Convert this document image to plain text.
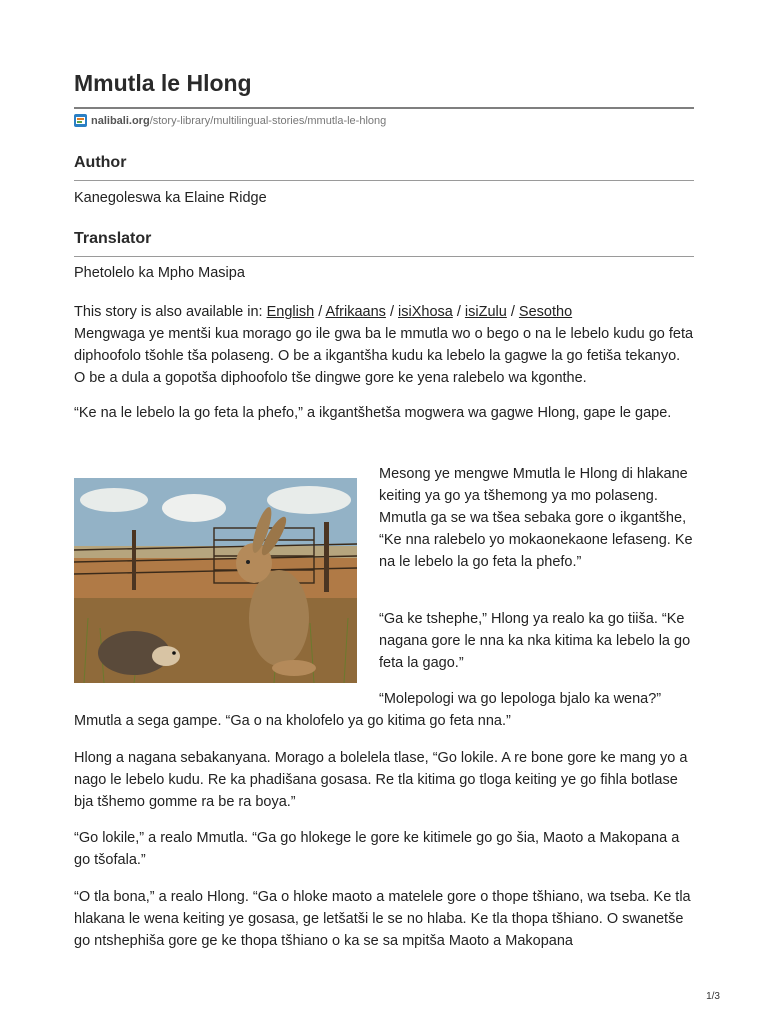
Mmutla le Hlong
nalibali.org /story-library/multilingual-stories/mmutla-le-hlong
Author
Kanegoleswa ka Elaine Ridge
Translator
Phetolelo ka Mpho Masipa
This story is also available in: English / Afrikaans / isiXhosa / isiZulu / Sesotho

Mengwaga ye mentši kua morago go ile gwa ba le mmutla wo o bego o na le lebelo kudu go feta diphoofolo tšohle tša polaseng. O be a ikgantšha kudu ka lebelo la gagwe la go fetiša tekanyo. O be a dula a gopotša diphoofolo tše dingwe gore ke yena ralebelo wa kgonthe.

“Ke na le lebelo la go feta la phefo,” a ikgantšhetša mogwera wa gagwe Hlong, gape le gape.

Mesong ye mengwe Mmutla le Hlong di hlakane keiting ya go ya tšhemong ya mo polaseng. Mmutla ga se wa tšea sebaka gore o ikgantšhe, “Ke nna ralebelo yo mokaonekaone lefaseng. Ke na le lebelo la go feta la phefo.”

“Ga ke tshephe,” Hlong ya realo ka go tiiša. “Ke nagana gore le nna ka nka kitima ka lebelo la go feta la gago.”

“Molepologi wa go lepologa bjalo ka wena?”
Mmutla a sega gampe. “Ga o na kholofelo ya go kitima go feta nna.”

Hlong a nagana sebakanyana. Morago a bolelela tlase, “Go lokile. A re bone gore ke mang yo a nago le lebelo kudu. Re ka phadišana gosasa. Re tla kitima go tloga keiting ye go fihla botlase bja tšhemo gomme ra be ra boya.”

“Go lokile,” a realo Mmutla. “Ga go hlokege le gore ke kitimele go go šia, Maoto a Makopana a go tšofala.”

“O tla bona,” a realo Hlong. “Ga o hloke maoto a matelele gore o thope tšhiano, wa tseba. Ke tla hlakana le wena keiting ye gosasa, ge letšatši le se no hlaba. Ke tla thopa tšhiano. O swanetše go ntshephiša gore ge ke thopa tšhiano o ka se sa mpitša Maoto a Makopana

1/3
